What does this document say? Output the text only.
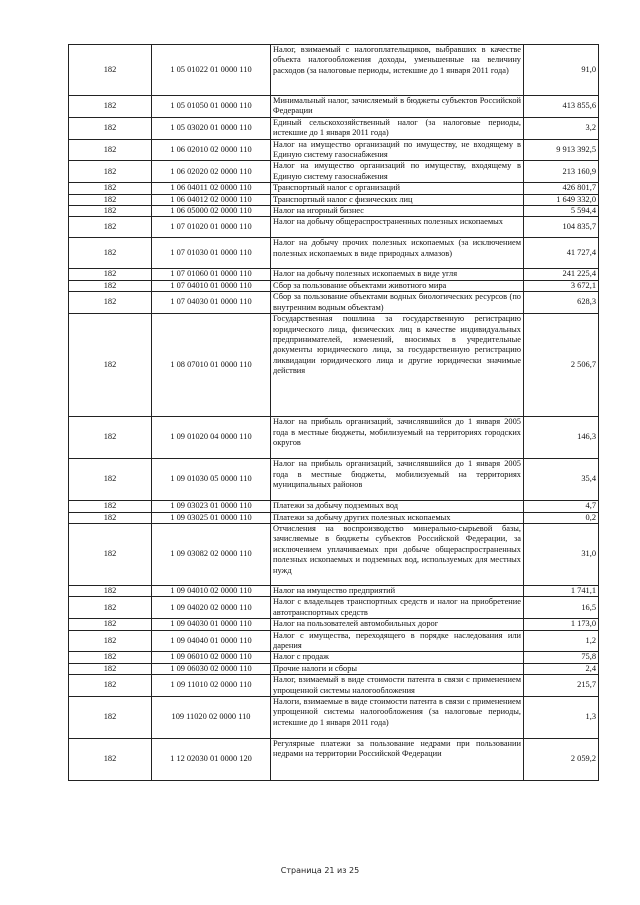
182	1 05 01022 01 0000 110	Налог, взимаемый с налогоплательщиков, выбравших в качестве объекта налогообложения доходы, уменьшенные на величину расходов (за налоговые периоды, истекшие до 1 января 2011 года)	91,0
182	1 05 01050 01 0000 110	Минимальный налог, зачисляемый в бюджеты субъектов Российской Федерации	413 855,6
182	1 05 03020 01 0000 110	Единый сельскохозяйственный налог (за налоговые периоды, истекшие до 1 января 2011 года)	3,2
182	1 06 02010 02 0000 110	Налог на имущество организаций по имуществу, не входящему в Единую систему газоснабжения	9 913 392,5
182	1 06 02020 02 0000 110	Налог на имущество организаций по имуществу, входящему в Единую систему газоснабжения	213 160,9
182	1 06 04011 02 0000 110	Транспортный налог с организаций	426 801,7
182	1 06 04012 02 0000 110	Транспортный налог с физических лиц	1 649 332,0
182	1 06 05000 02 0000 110	Налог на игорный бизнес	5 594,4
182	1 07 01020 01 0000 110	Налог на добычу общераспространенных полезных ископаемых	104 835,7
182	1 07 01030 01 0000 110	Налог на добычу прочих полезных ископаемых (за исключением полезных ископаемых в виде природных алмазов)	41 727,4
182	1 07 01060 01 0000 110	Налог на добычу полезных ископаемых в виде угля	241 225,4
182	1 07 04010 01 0000 110	Сбор за пользование объектами животного мира	3 672,1
182	1 07 04030 01 0000 110	Сбор за пользование объектами водных биологических ресурсов (по внутренним водным объектам)	628,3
182	1 08 07010 01 0000 110	Государственная пошлина за государственную регистрацию юридического лица, физических лиц в качестве индивидуальных предпринимателей, изменений, вносимых в учредительные документы юридического лица, за государственную регистрацию ликвидации юридического лица и другие юридически значимые действия	2 506,7
182	1 09 01020 04 0000 110	Налог на прибыль организаций, зачислявшийся до 1 января 2005 года в местные бюджеты, мобилизуемый на территориях городских округов	146,3
182	1 09 01030 05 0000 110	Налог на прибыль организаций, зачислявшийся до 1 января 2005 года в местные бюджеты, мобилизуемый на территориях муниципальных районов	35,4
182	1 09 03023 01 0000 110	Платежи за добычу подземных вод	4,7
182	1 09 03025 01 0000 110	Платежи за добычу других полезных ископаемых	0,2
182	1 09 03082 02 0000 110	Отчисления на воспроизводство минерально-сырьевой базы, зачисляемые в бюджеты субъектов Российской Федерации, за исключением уплачиваемых при добыче общераспространенных полезных ископаемых и подземных вод, используемых для местных нужд	31,0
182	1 09 04010 02 0000 110	Налог на имущество предприятий	1 741,1
182	1 09 04020 02 0000 110	Налог с владельцев транспортных средств и налог на приобретение автотранспортных средств	16,5
182	1 09 04030 01 0000 110	Налог на пользователей автомобильных дорог	1 173,0
182	1 09 04040 01 0000 110	Налог с имущества, переходящего в порядке наследования или дарения	1,2
182	1 09 06010 02 0000 110	Налог с продаж	75,8
182	1 09 06030 02 0000 110	Прочие налоги и сборы	2,4
182	1 09 11010 02 0000 110	Налог, взимаемый в виде стоимости патента в связи с применением упрощенной системы налогообложения	215,7
182	109 11020 02 0000 110	Налоги, взимаемые в виде стоимости патента в связи с применением упрощенной системы налогообложения (за налоговые периоды, истекшие до 1 января 2011 года)	1,3
182	1 12 02030 01 0000 120	Регулярные платежи за пользование недрами при пользовании недрами на территории Российской Федерации	2 059,2
Страница 21 из 25
